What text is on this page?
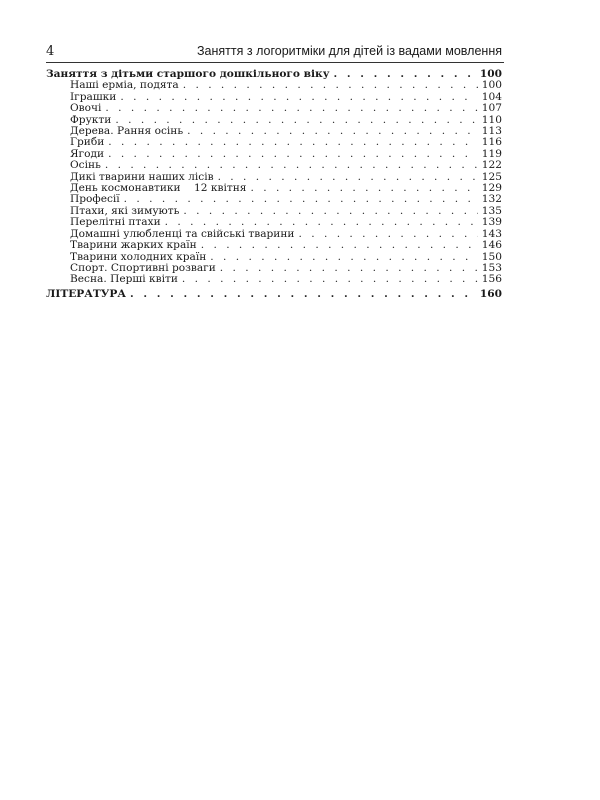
4	Заняття з логоритміки для дітей із вадами мовлення
Заняття з дітьми старшого дошкільного віку . . .	100
Наші ерміа, подята . . .	100
Іграшки . . .	104
Овочі . . .	107
Фрукти . . .	110
Дерева. Рання осінь . . .	113
Гриби . . .	116
Ягоди . . .	119
Осінь . . .	122
Дикі тварини наших лісів . . .	125
День космонавтики    12 квітня . . .	129
Професії . . .	132
Птахи, які зимують . . .	135
Перелітні птахи . . .	139
Домашні улюбленці та свійські тварини . . .	143
Тварини жарких країн . . .	146
Тварини холодних країн . . .	150
Спорт. Спортивні розваги . . .	153
Весна. Перші квіти . . .	156
ЛІТЕРАТУРА . . .	160
